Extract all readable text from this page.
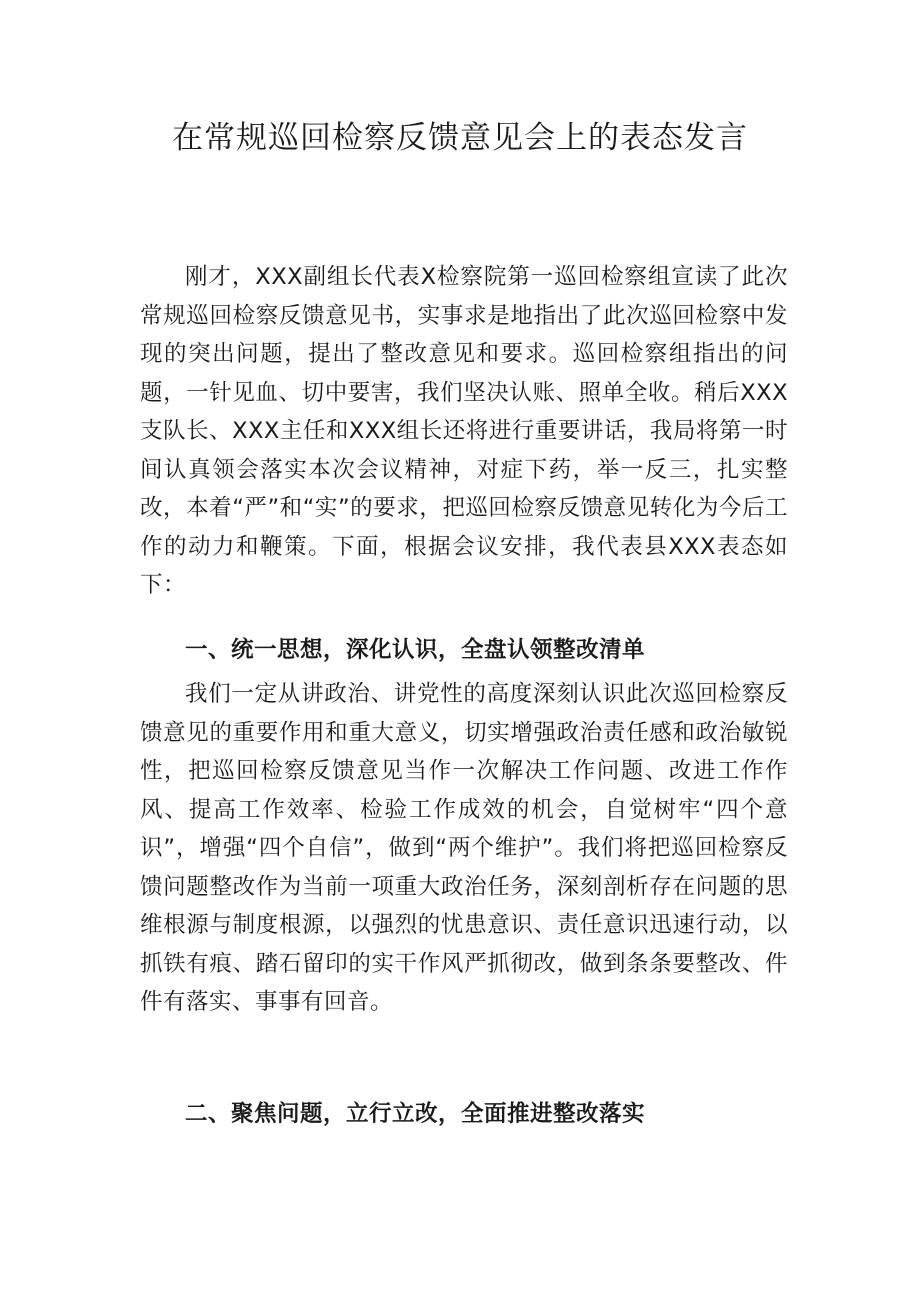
在常规巡回检察反馈意见会上的表态发言

刚才，XXX副组长代表X检察院第一巡回检察组宣读了此次常规巡回检察反馈意见书，实事求是地指出了此次巡回检察中发现的突出问题，提出了整改意见和要求。巡回检察组指出的问题，一针见血、切中要害，我们坚决认账、照单全收。稍后XXX支队长、XXX主任和XXX组长还将进行重要讲话，我局将第一时间认真领会落实本次会议精神，对症下药，举一反三，扎实整改，本着“严”和“实”的要求，把巡回检察反馈意见转化为今后工作的动力和鞭策。下面，根据会议安排，我代表县XXX表态如下：

一、统一思想，深化认识，全盘认领整改清单

我们一定从讲政治、讲党性的高度深刻认识此次巡回检察反馈意见的重要作用和重大意义，切实增强政治责任感和政治敏锐性，把巡回检察反馈意见当作一次解决工作问题、改进工作作风、提高工作效率、检验工作成效的机会，自觉树牢“四个意识”，增强“四个自信”，做到“两个维护”。我们将把巡回检察反馈问题整改作为当前一项重大政治任务，深刻剖析存在问题的思维根源与制度根源，以强烈的忧患意识、责任意识迅速行动，以抓铁有痕、踏石留印的实干作风严抓彻改，做到条条要整改、件件有落实、事事有回音。

二、聚焦问题，立行立改，全面推进整改落实
